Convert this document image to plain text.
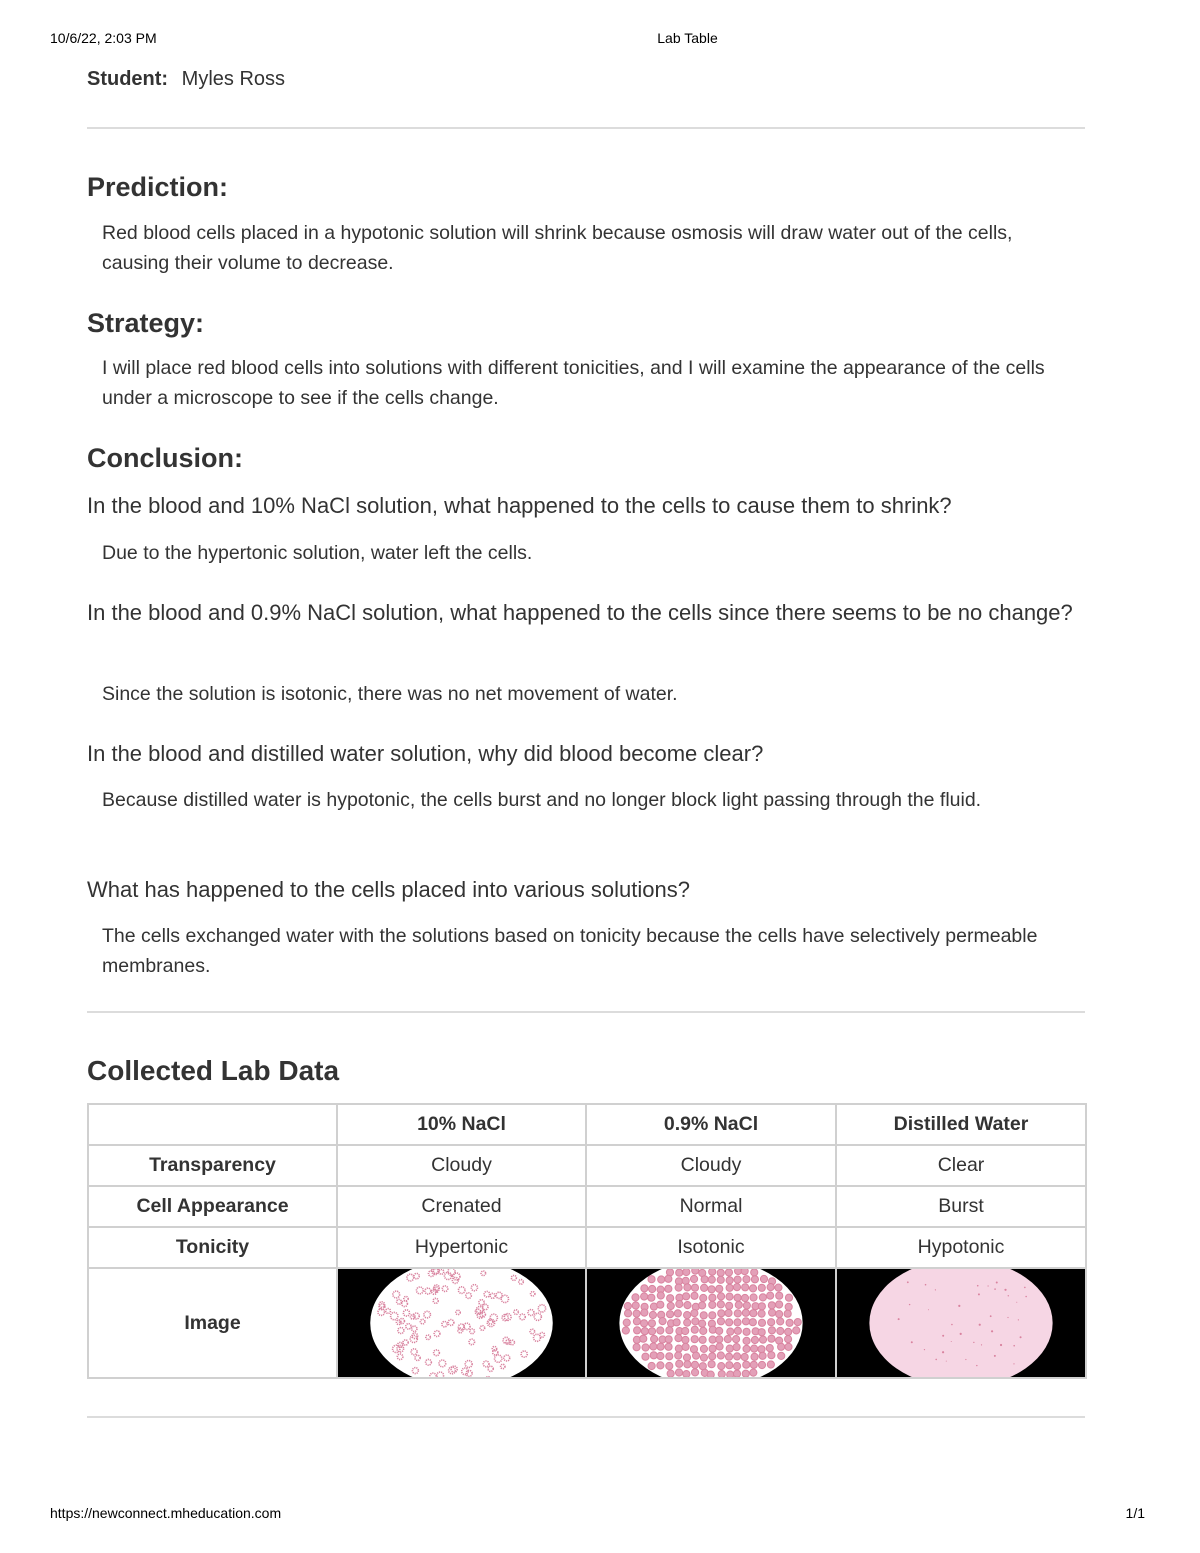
10/6/22, 2:03 PM	Lab Table
Student: Myles Ross
Prediction:

Red blood cells placed in a hypotonic solution will shrink because osmosis will draw water out of the cells, causing their volume to decrease.

Strategy:

I will place red blood cells into solutions with different tonicities, and I will examine the appearance of the cells under a microscope to see if the cells change.

Conclusion:

In the blood and 10% NaCl solution, what happened to the cells to cause them to shrink?

Due to the hypertonic solution, water left the cells.

In the blood and 0.9% NaCl solution, what happened to the cells since there seems to be no change?

Since the solution is isotonic, there was no net movement of water.

In the blood and distilled water solution, why did blood become clear?

Because distilled water is hypotonic, the cells burst and no longer block light passing through the fluid.

What has happened to the cells placed into various solutions?

The cells exchanged water with the solutions based on tonicity because the cells have selectively permeable membranes.

Collected Lab Data
	10% NaCl	0.9% NaCl	Distilled Water
Transparency	Cloudy	Cloudy	Clear
Cell Appearance	Crenated	Normal	Burst
Tonicity	Hypertonic	Isotonic	Hypotonic
Image	

https://newconnect.mheducation.com	1/1
